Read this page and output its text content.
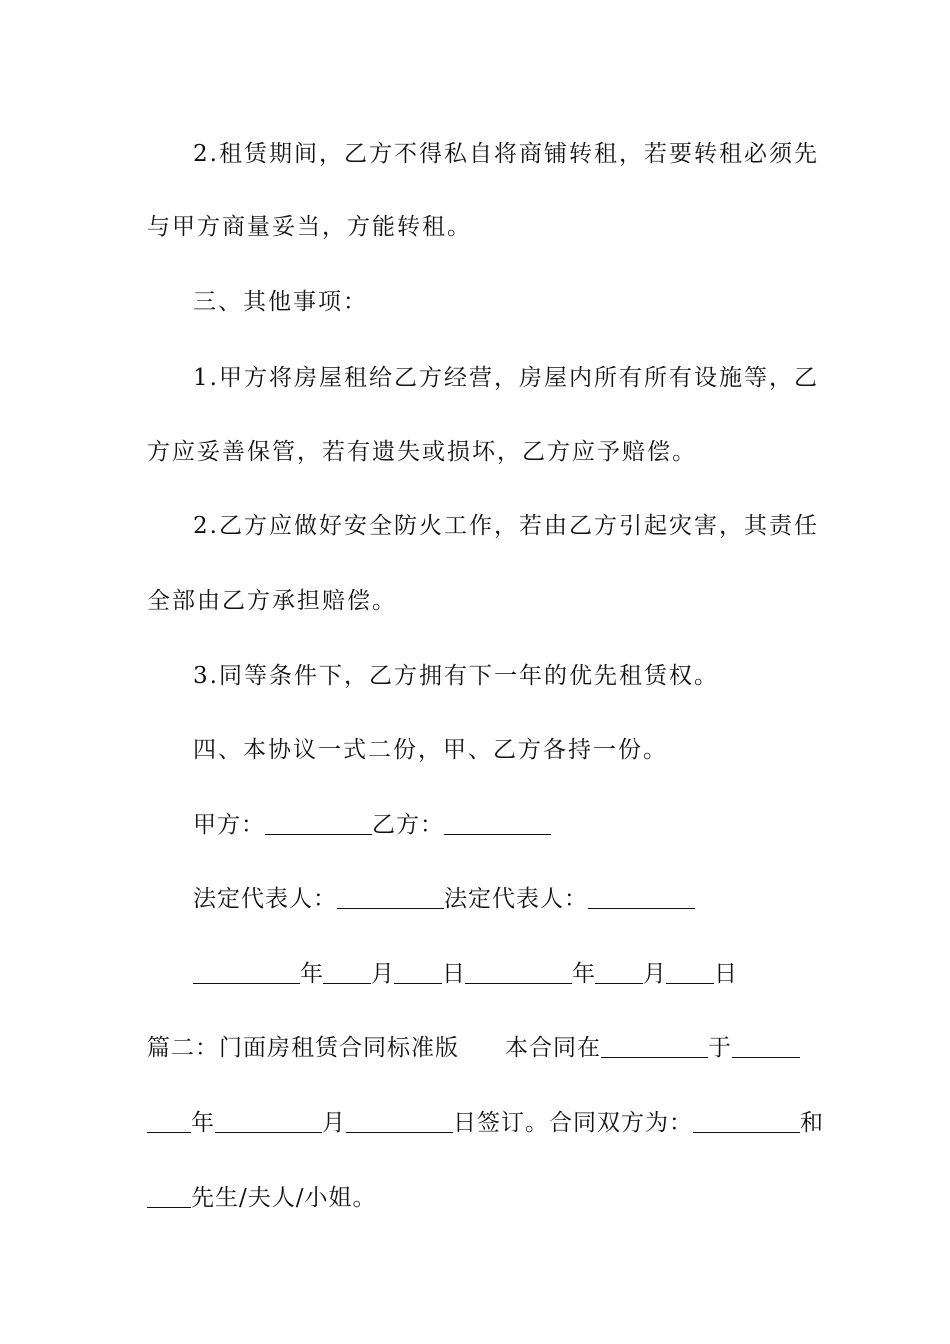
2.租赁期间，乙方不得私自将商铺转租，若要转租必须先
与甲方商量妥当，方能转租。
三、其他事项：
1.甲方将房屋租给乙方经营，房屋内所有所有设施等，乙
方应妥善保管，若有遗失或损坏，乙方应予赔偿。
2.乙方应做好安全防火工作，若由乙方引起灾害，其责任
全部由乙方承担赔偿。
3.同等条件下，乙方拥有下一年的优先租赁权。
四、本协议一式二份，甲、乙方各持一份。
甲方：	乙方：
法定代表人：	法定代表人：
年 月 日	年 月 日
篇二：门面房租赁合同标准版 本合同在	于
年	月	日签订。合同双方为：	和
先生/夫人/小姐。
